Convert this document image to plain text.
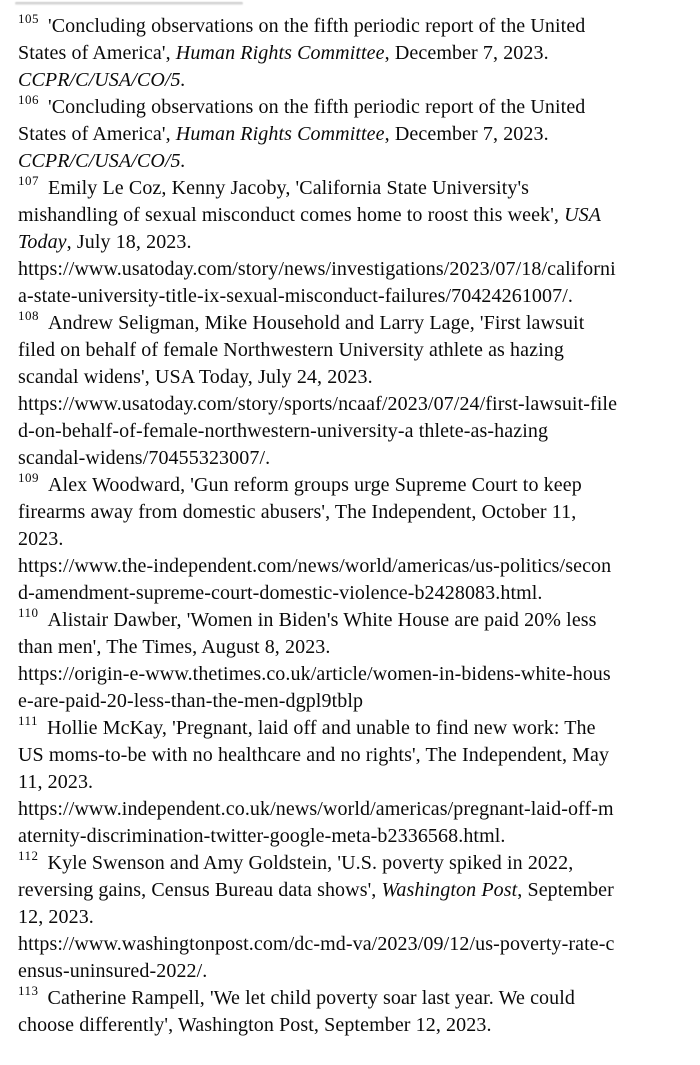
$^{105}$ 'Concluding observations on the fifth periodic report of the United
States of America', Human Rights Committee, December 7, 2023.
CCPR/C/USA/CO/5.
$^{106}$ 'Concluding observations on the fifth periodic report of the United
States of America', Human Rights Committee, December 7, 2023.
CCPR/C/USA/CO/5.
$^{107}$ Emily Le Coz, Kenny Jacoby, 'California State University's
mishandling of sexual misconduct comes home to roost this week', USA
Today, July 18, 2023.
https://www.usatoday.com/story/news/investigations/2023/07/18/californi
a-state-university-title-ix-sexual-misconduct-failures/70424261007/.
$^{108}$ Andrew Seligman, Mike Household and Larry Lage, 'First lawsuit
filed on behalf of female Northwestern University athlete as hazing
scandal widens', USA Today, July 24, 2023.
https://www.usatoday.com/story/sports/ncaaf/2023/07/24/first-lawsuit-file
d-on-behalf-of-female-northwestern-university-a thlete-as-hazing
scandal-widens/70455323007/.
$^{109}$ Alex Woodward, 'Gun reform groups urge Supreme Court to keep
firearms away from domestic abusers', The Independent, October 11,
2023.
https://www.the-independent.com/news/world/americas/us-politics/secon
d-amendment-supreme-court-domestic-violence-b2428083.html.
$^{110}$ Alistair Dawber, 'Women in Biden's White House are paid 20% less
than men', The Times, August 8, 2023.
https://origin-e-www.thetimes.co.uk/article/women-in-bidens-white-hous
e-are-paid-20-less-than-the-men-dgpl9tblp
$^{111}$ Hollie McKay, 'Pregnant, laid off and unable to find new work: The
US moms-to-be with no healthcare and no rights', The Independent, May
11, 2023.
https://www.independent.co.uk/news/world/americas/pregnant-laid-off-m
aternity-discrimination-twitter-google-meta-b2336568.html.
$^{112}$ Kyle Swenson and Amy Goldstein, 'U.S. poverty spiked in 2022,
reversing gains, Census Bureau data shows', Washington Post, September
12, 2023.
https://www.washingtonpost.com/dc-md-va/2023/09/12/us-poverty-rate-c
ensus-uninsured-2022/.
$^{113}$ Catherine Rampell, 'We let child poverty soar last year. We could
choose differently', Washington Post, September 12, 2023.
